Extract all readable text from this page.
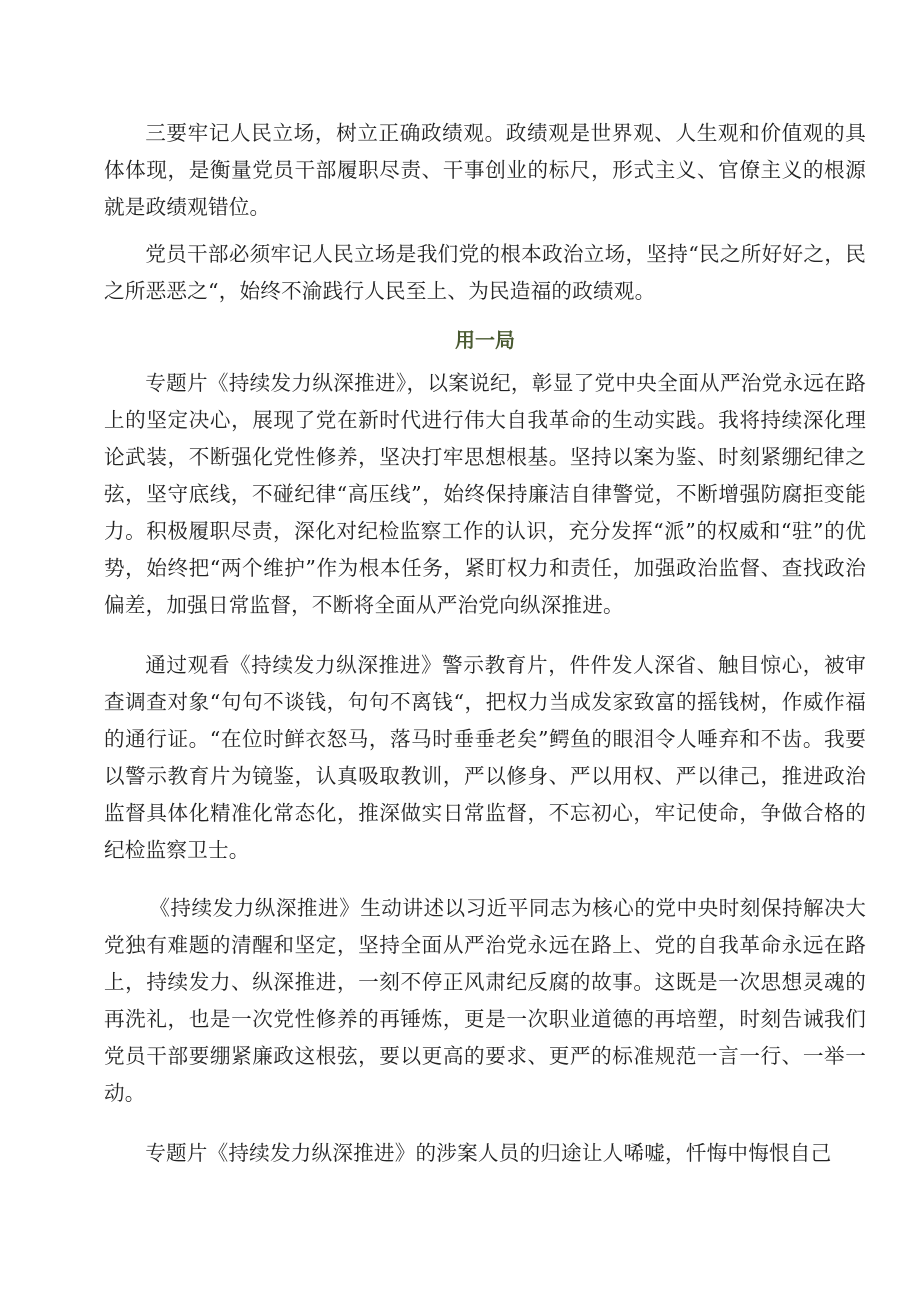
三要牢记人民立场，树立正确政绩观。政绩观是世界观、人生观和价值观的具体体现，是衡量党员干部履职尽责、干事创业的标尺，形式主义、官僚主义的根源就是政绩观错位。

党员干部必须牢记人民立场是我们党的根本政治立场，坚持“民之所好好之，民之所恶恶之“，始终不渝践行人民至上、为民造福的政绩观。

用一局

专题片《持续发力纵深推进》，以案说纪，彰显了党中央全面从严治党永远在路上的坚定决心，展现了党在新时代进行伟大自我革命的生动实践。我将持续深化理论武装，不断强化党性修养，坚决打牢思想根基。坚持以案为鉴、时刻紧绷纪律之弦，坚守底线，不碰纪律“高压线”，始终保持廉洁自律警觉，不断增强防腐拒变能力。积极履职尽责，深化对纪检监察工作的认识，充分发挥“派”的权威和“驻”的优势，始终把“两个维护”作为根本任务，紧盯权力和责任，加强政治监督、查找政治偏差，加强日常监督，不断将全面从严治党向纵深推进。

通过观看《持续发力纵深推进》警示教育片，件件发人深省、触目惊心，被审查调查对象“句句不谈钱，句句不离钱“，把权力当成发家致富的摇钱树，作威作福的通行证。“在位时鲜衣怒马，落马时垂垂老矣”鳄鱼的眼泪令人唾弃和不齿。我要以警示教育片为镜鉴，认真吸取教训，严以修身、严以用权、严以律己，推进政治监督具体化精准化常态化，推深做实日常监督，不忘初心，牢记使命，争做合格的纪检监察卫士。

《持续发力纵深推进》生动讲述以习近平同志为核心的党中央时刻保持解决大党独有难题的清醒和坚定，坚持全面从严治党永远在路上、党的自我革命永远在路上，持续发力、纵深推进，一刻不停正风肃纪反腐的故事。这既是一次思想灵魂的再洗礼，也是一次党性修养的再锤炼，更是一次职业道德的再培塑，时刻告诫我们党员干部要绷紧廉政这根弦，要以更高的要求、更严的标准规范一言一行、一举一动。

专题片《持续发力纵深推进》的涉案人员的归途让人唏嘘，忏悔中悔恨自己
